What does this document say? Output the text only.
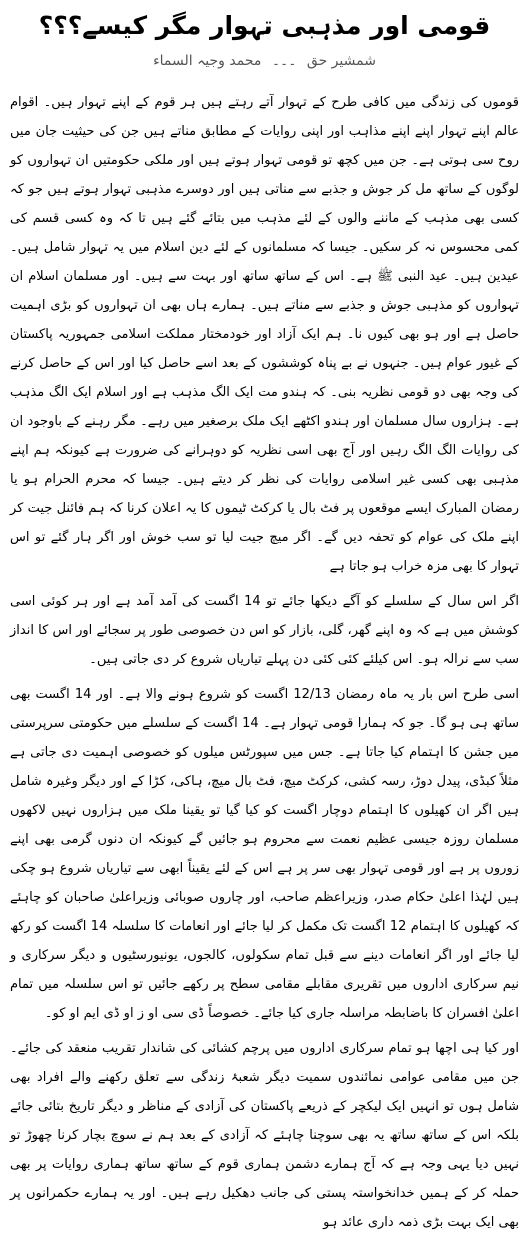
قومی اور مذہبی تہوار مگر کیسے؟؟؟
شمشیر حق ۔۔۔ محمد وجیہ السماء

قوموں کی زندگی میں کافی طرح کے تہوار آتے رہتے ہیں ہر قوم کے اپنے تہوار ہیں۔ اقوام عالم اپنے تہوار اپنے اپنے مذاہب اور اپنی روایات کے مطابق مناتے ہیں جن کی حیثیت جان میں روح سی ہوتی ہے۔ جن میں کچھ تو قومی تہوار ہوتے ہیں اور ملکی حکومتیں ان تہواروں کو لوگوں کے ساتھ مل کر جوش و جذبے سے مناتی ہیں اور دوسرے مذہبی تہوار ہوتے ہیں جو کہ کسی بھی مذہب کے ماننے والوں کے لئے مذہب میں بتائے گئے ہیں تا کہ وہ کسی قسم کی کمی محسوس نہ کر سکیں۔ جیسا کہ مسلمانوں کے لئے دین اسلام میں یہ تہوار شامل ہیں۔ عیدین ہیں۔ عید النبی ﷺ ہے۔ اس کے ساتھ ساتھ اور بہت سے ہیں۔ اور مسلمان اسلام ان تہواروں کو مذہبی جوش و جذبے سے مناتے ہیں۔ ہمارے ہاں بھی ان تہواروں کو بڑی اہمیت حاصل ہے اور ہو بھی کیوں نا۔ ہم ایک آزاد اور خودمختار مملکت اسلامی جمہوریہ پاکستان کے غیور عوام ہیں۔ جنہوں نے بے پناہ کوششوں کے بعد اسے حاصل کیا اور اس کے حاصل کرنے کی وجہ بھی دو قومی نظریہ بنی۔ کہ ہندو مت ایک الگ مذہب ہے اور اسلام ایک الگ مذہب ہے۔ ہزاروں سال مسلمان اور ہندو اکٹھے ایک ملک برصغیر میں رہے۔ مگر رہنے کے باوجود ان کی روایات الگ الگ رہیں اور آج بھی اسی نظریہ کو دوہرانے کی ضرورت ہے کیونکہ ہم اپنے مذہبی بھی کسی غیر اسلامی روایات کی نظر کر دیتے ہیں۔ جیسا کہ محرم الحرام ہو یا رمضان المبارک ایسے موقعوں پر فٹ بال یا کرکٹ ٹیموں کا یہ اعلان کرنا کہ ہم فائنل جیت کر اپنے ملک کی عوام کو تحفہ دیں گے۔ اگر میچ جیت لیا تو سب خوش اور اگر ہار گئے تو اس تہوار کا بھی مزہ خراب ہو جاتا ہے

اگر اس سال کے سلسلے کو آگے دیکھا جائے تو 14 اگست کی آمد آمد ہے اور ہر کوئی اسی کوشش میں ہے کہ وہ اپنے گھر، گلی، بازار کو اس دن خصوصی طور پر سجائے اور اس کا انداز سب سے نرالہ ہو۔ اس کیلئے کئی کئی دن پہلے تیاریاں شروع کر دی جاتی ہیں۔

اسی طرح اس بار یہ ماہ رمضان 12/13 اگست کو شروع ہونے والا ہے۔ اور 14 اگست بھی ساتھ ہی ہو گا۔ جو کہ ہمارا قومی تہوار ہے۔ 14 اگست کے سلسلے میں حکومتی سرپرستی میں جشن کا اہتمام کیا جاتا ہے۔ جس میں سپورٹس میلوں کو خصوصی اہمیت دی جاتی ہے مثلاً کبڈی، پیدل دوڑ، رسہ کشی، کرکٹ میچ، فٹ بال میچ، ہاکی، کڑا کے اور دیگر وغیرہ شامل ہیں اگر ان کھیلوں کا اہتمام دوچار اگست کو کیا گیا تو یقینا ملک میں ہزاروں نہیں لاکھوں مسلمان روزہ جیسی عظیم نعمت سے محروم ہو جائیں گے کیونکہ ان دنوں گرمی بھی اپنے زوروں پر ہے اور قومی تہوار بھی سر پر ہے اس کے لئے یقیناً ابھی سے تیاریاں شروع ہو چکی ہیں لہٰذا اعلیٰ حکام صدر، وزیراعظم صاحب، اور چاروں صوبائی وزیراعلیٰ صاحبان کو چاہئے کہ کھیلوں کا اہتمام 12 اگست تک مکمل کر لیا جائے اور انعامات کا سلسلہ 14 اگست کو رکھ لیا جائے اور اگر انعامات دینے سے قبل تمام سکولوں، کالجوں، یونیورسٹیوں و دیگر سرکاری و نیم سرکاری اداروں میں تقریری مقابلے مقامی سطح پر رکھے جائیں تو اس سلسلہ میں تمام اعلیٰ افسران کا باضابطہ مراسلہ جاری کیا جائے۔ خصوصاً ڈی سی او ز او ڈی ایم او کو۔

اور کیا ہی اچھا ہو تمام سرکاری اداروں میں پرچم کشائی کی شاندار تقریب منعقد کی جائے۔ جن میں مقامی عوامی نمائندوں سمیت دیگر شعبۂ زندگی سے تعلق رکھنے والے افراد بھی شامل ہوں تو انہیں ایک لیکچر کے ذریعے پاکستان کی آزادی کے مناظر و دیگر تاریخ بتائی جائے بلکہ اس کے ساتھ ساتھ یہ بھی سوچنا چاہئے کہ آزادی کے بعد ہم نے سوچ بچار کرنا چھوڑ تو نہیں دیا یہی وجہ ہے کہ آج ہمارے دشمن ہماری قوم کے ساتھ ساتھ ہماری روایات پر بھی حملہ کر کے ہمیں خدانخواستہ پستی کی جانب دھکیل رہے ہیں۔ اور یہ ہمارے حکمرانوں پر بھی ایک بہت بڑی ذمہ داری عائد ہو
